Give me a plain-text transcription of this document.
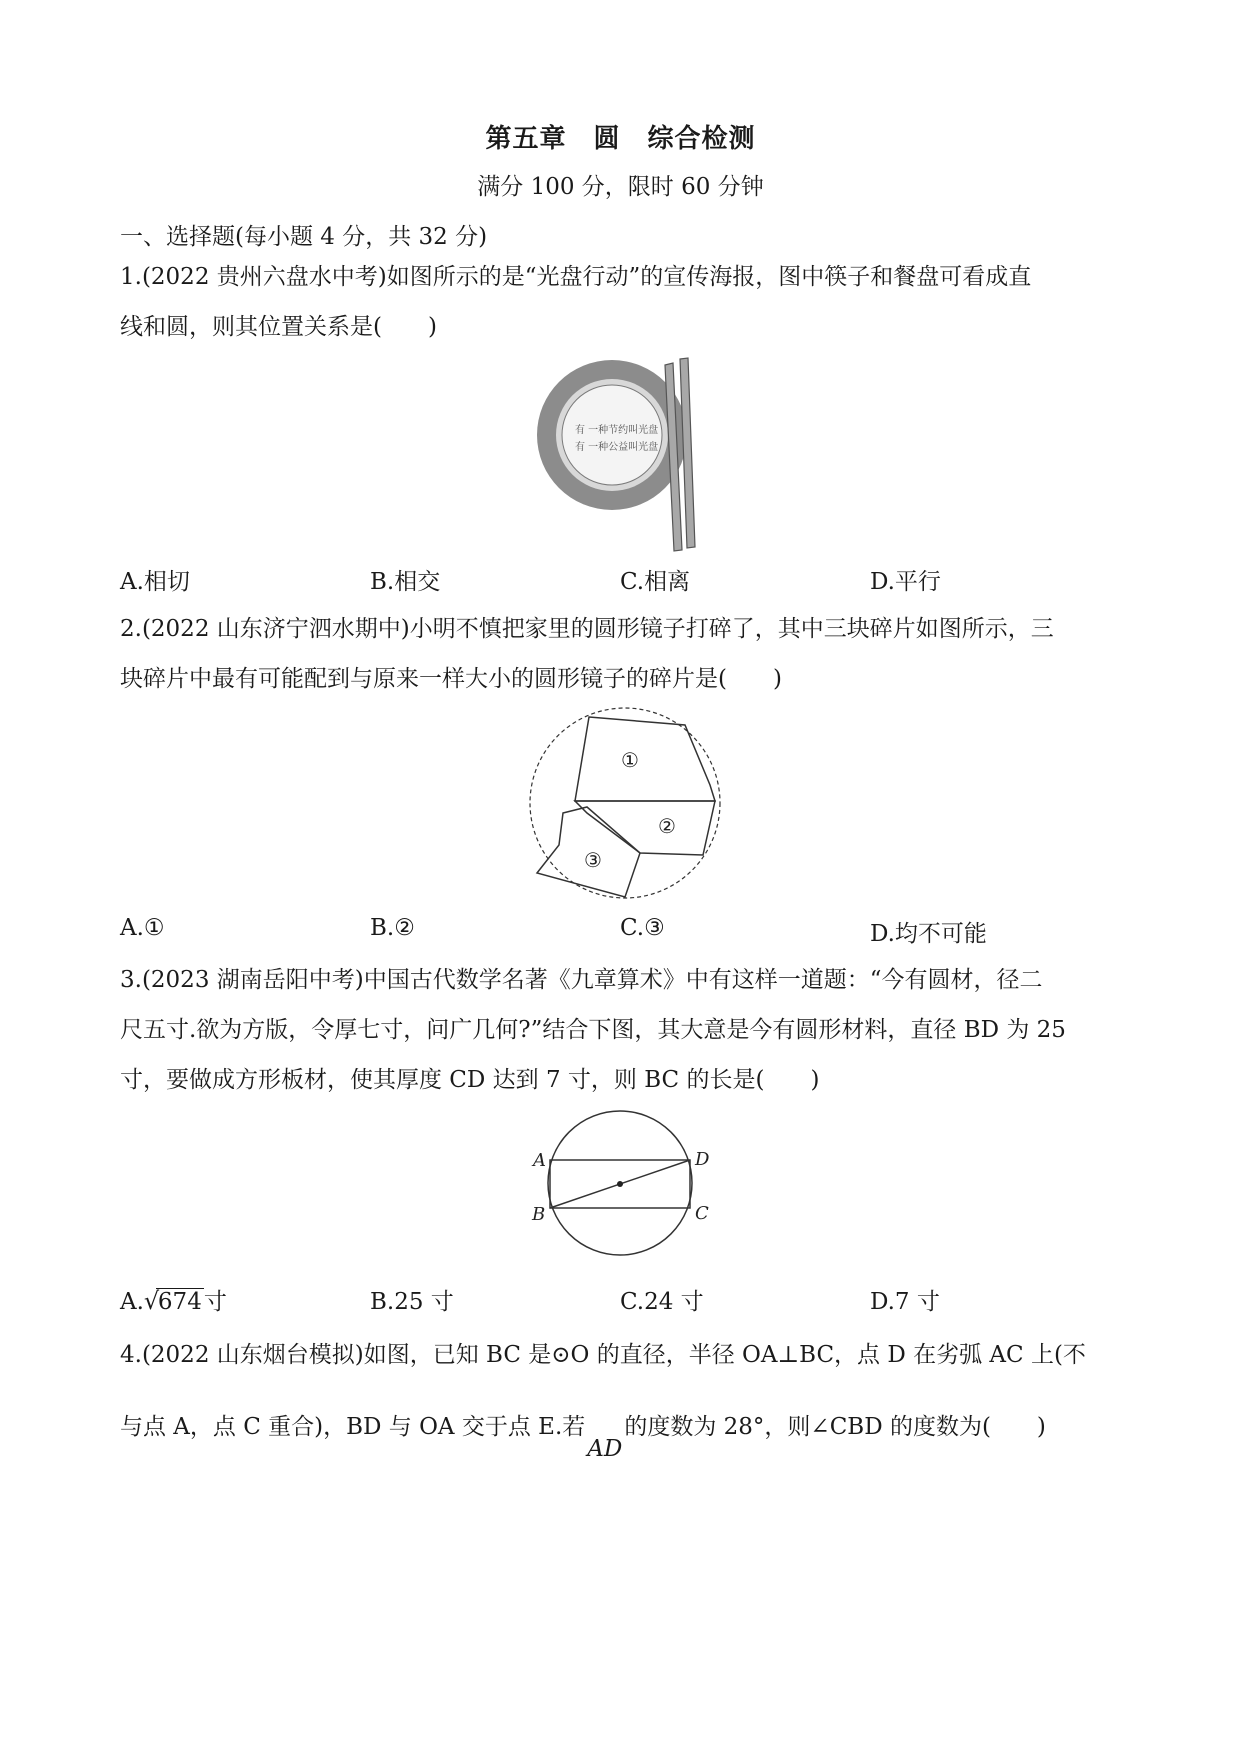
第五章　圆　综合检测
满分 100 分，限时 60 分钟
一、选择题(每小题 4 分，共 32 分)
1.(2022 贵州六盘水中考)如图所示的是“光盘行动”的宣传海报，图中筷子和餐盘可看成直
线和圆，则其位置关系是(　　)
有 一种节约叫光盘
有 一种公益叫光盘
A.相切	B.相交	C.相离	D.平行
2.(2022 山东济宁泗水期中)小明不慎把家里的圆形镜子打碎了，其中三块碎片如图所示，三
块碎片中最有可能配到与原来一样大小的圆形镜子的碎片是(　　)
①
②
③
A.①	B.②	C.③	D.均不可能
3.(2023 湖南岳阳中考)中国古代数学名著《九章算术》中有这样一道题：“今有圆材，径二
尺五寸.欲为方版，令厚七寸，问广几何?”结合下图，其大意是今有圆形材料，直径 BD 为 25
寸，要做成方形板材，使其厚度 CD 达到 7 寸，则 BC 的长是(　　)
A	D
B	C
A. √
674寸	B.25 寸	C.24 寸	D.7 寸
4.(2022 山东烟台模拟)如图，已知 BC 是⊙O 的直径，半径 OA⊥BC，点 D 在劣弧 AC 上(不
与点 A，点 C 重合)，BD 与 OA 交于点 E.若AD的度数为 28°，则∠CBD 的度数为(　　)
